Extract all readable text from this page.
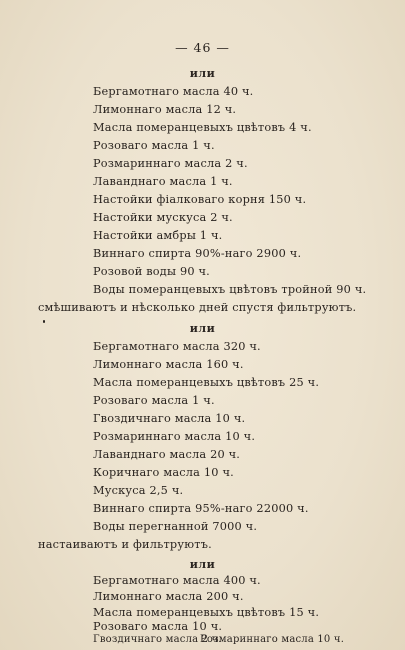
— 46 —
или
Бергамотнаго масла 40 ч.
Лимоннаго масла 12 ч.
Масла померанцевыхъ цвѣтовъ 4 ч.
Розоваго масла 1 ч.
Розмариннаго масла 2 ч.
Лаванднаго масла 1 ч.
Настойки фіалковаго корня 150 ч.
Настойки мускуса 2 ч.
Настойки амбры 1 ч.
Виннаго спирта 90%-наго 2900 ч.
Розовой воды 90 ч.
Воды померанцевыхъ цвѣтовъ тройной 90 ч.
смѣшиваютъ и нѣсколько дней спустя фильтруютъ.
или
Бергамотнаго масла 320 ч.
Лимоннаго масла 160 ч.
Масла померанцевыхъ цвѣтовъ 25 ч.
Розоваго масла 1 ч.
Гвоздичнаго масла 10 ч.
Розмариннаго масла 10 ч.
Лаванднаго масла 20 ч.
Коричнаго масла 10 ч.
Мускуса 2,5 ч.
Виннаго спирта 95%-наго 22000 ч.
Воды перегнанной 7000 ч.
настаиваютъ и фильтруютъ.
или
Бергамотнаго масла 400 ч.
Лимоннаго масла 200 ч.
Масла померанцевыхъ цвѣтовъ 15 ч.
Розоваго масла 10 ч.
Гвоздичнаго масла 2 ч.
Розмариннаго масла 10 ч.
